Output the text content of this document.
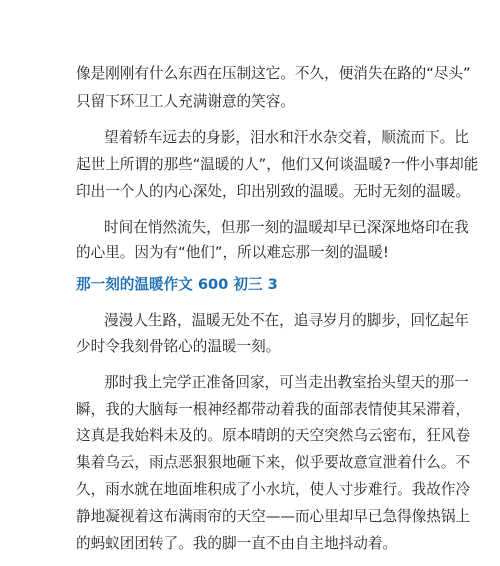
像是刚刚有什么东西在压制这它。不久，便消失在路的“尽头”
只留下环卫工人充满谢意的笑容。
望着轿车远去的身影，泪水和汗水杂交着，顺流而下。比
起世上所谓的那些“温暖的人”，他们又何谈温暖?一件小事却能
印出一个人的内心深处，印出别致的温暖。无时无刻的温暖。
时间在悄然流失，但那一刻的温暖却早已深深地烙印在我
的心里。因为有“他们”，所以难忘那一刻的温暖!
那一刻的温暖作文 600 初三 3
漫漫人生路，温暖无处不在，追寻岁月的脚步，回忆起年
少时令我刻骨铭心的温暖一刻。
那时我上完学正准备回家，可当走出教室抬头望天的那一
瞬，我的大脑每一根神经都带动着我的面部表情使其呆滞着，
这真是我始料未及的。原本晴朗的天空突然乌云密布，狂风卷
集着乌云，雨点恶狠狠地砸下来，似乎要故意宣泄着什么。不
久，雨水就在地面堆积成了小水坑，使人寸步难行。我故作冷
静地凝视着这布满雨帘的天空——而心里却早已急得像热锅上
的蚂蚁团团转了。我的脚一直不由自主地抖动着。
